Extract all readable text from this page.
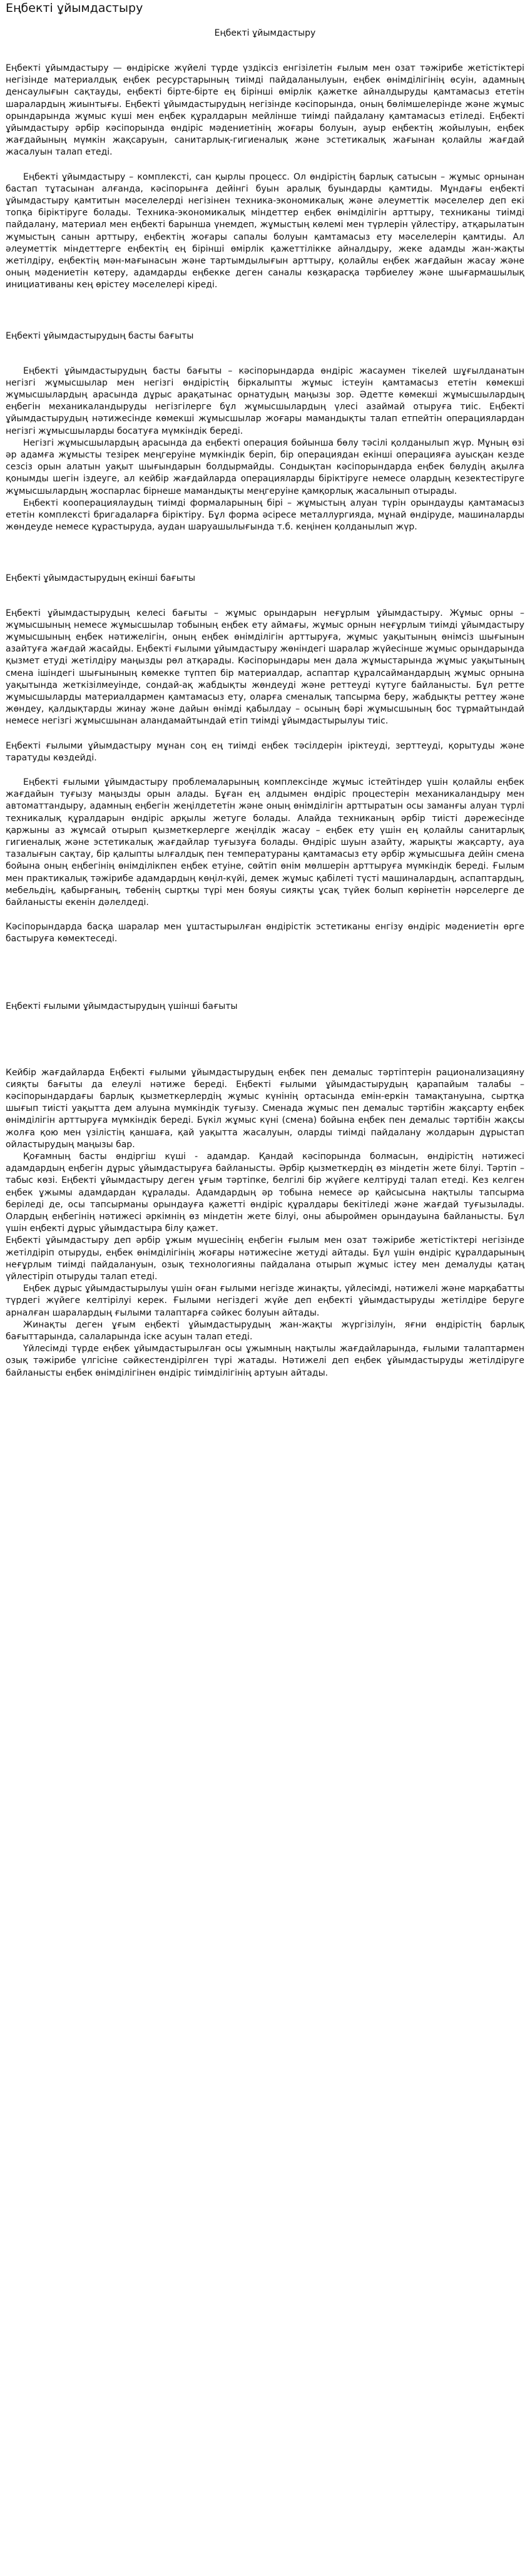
Еңбекті ұйымдастыру
Еңбекті ұйымдастыру

Еңбекті ұйымдастыру — өндіріске жүйелі түрде үздіксіз енгізілетін ғылым мен озат тәжірибе жетістіктері негізінде материалдық еңбек ресурстарының тиімді пайдаланылуын, еңбек өнімділігінің өсуін, адамның денсаулығын сақтауды, еңбекті біртe-біртe ең бірінші өмірлік қажетке айналдыруды қамтамасыз ететін шаралардың жиынтығы. Еңбекті ұйымдастырудың негізінде кәсіпорында, оның бөлімшелерінде және жұмыс орындарында жұмыс күші мен еңбек құралдарын мейлінше тиімді пайдалану қамтамасыз етіледі. Еңбекті ұйымдастыру әрбір кәсіпорында өндіріс мәдениетінің жоғары болуын, ауыр еңбектің жойылуын, еңбек жағдайының мүмкін жақсаруын, санитарлық-гигиеналық және эстетикалық жағынан қолайлы жағдай жасалуын талап етеді.

Еңбекті ұйымдастыру – комплексті, сан қырлы процесс. Ол өндірістің барлық сатысын – жұмыс орнынан бастап тұтасынан алғанда, кәсіпорынға дейінгі буын аралық буындарды қамтиды. Мұндағы еңбекті ұйымдастыру қамтитын мәселелерді негізінен техника-экономикалық және әлеуметтік мәселелер деп екі топқа біріктіруге болады. Техника-экономикалық міндеттер еңбек өнімділігін арттыру, техниканы тиімді пайдалану, материал мен еңбекті барынша үнемдеп, жұмыстың көлемі мен түрлерін үйлестіру, атқарылатын жұмыстың санын арттыру, еңбектің жоғары сапалы болуын қамтамасыз ету мәселелерін қамтиды. Ал әлеуметтік міндеттерге еңбектің ең бірінші өмірлік қажеттілікке айналдыру, жеке адамды жан-жақты жетілдіру, еңбектің мән-мағынасын және тартымдылығын арттыру, қолайлы еңбек жағдайын жасау және оның мәдениетін көтеру, адамдарды еңбекке деген саналы көзқарасқа тәрбиелеу және шығармашылық инициативаны кең өрістеу мәселелері кіреді.

Еңбекті ұйымдастырудың басты бағыты

Еңбекті ұйымдастырудың басты бағыты – кәсіпорындарда өндіріс жасаумен тікелей шұғылданатын негізгі жұмысшылар мен негізгі өндірістің біркалыпты жұмыс істеуін қамтамасыз ететін көмекші жұмысшылардың арасында дұрыс арақатынас орнатудың маңызы зор. Әдетте көмекші жұмысшылардың еңбегін механикаландыруды негізгілерге бұл жұмысшылардың үлесі азаймай отыруға тиіс. Еңбекті ұйымдастырудың нәтижесінде көмекші жұмысшылар жоғары мамандықты талап етпейтін операциялардан негізгі жұмысшыларды босатуға мүмкіндік береді.

Негізгі жұмысшылардың арасында да еңбекті операция бойынша бөлу тәсілі қолданылып жүр. Мұның өзі әр адамға жұмысты тезірек меңгеруіне мүмкіндік беріп, бір операциядан екінші операцияға ауысқан кезде сезсіз орын алатын уақыт шығындарын болдырмайды. Сондықтан кәсіпорындарда еңбек бөлудің ақылға қонымды шегін іздеуге, ал кейбір жағдайларда операцияларды біріктіруге немесе олардың кезектестіруге жұмысшылардың жоспарлас бірнеше мамандықты меңгеруіне қамқорлық жасалынып отырады.

Еңбекті кооперациялаудың тиімді формаларының бірі – жұмыстың алуан түрін орындауды қамтамасыз ететін комплексті бригадаларға біріктіру. Бұл форма әсіресе металлургияда, мұнай өндіруде, машиналарды жөндеуде немесе құрастыруда, аудан шаруашылығында т.б. кеңінен қолданылып жүр.

Еңбекті ұйымдастырудың екінші бағыты

Еңбекті ұйымдастырудың келесі бағыты – жұмыс орындарын неғұрлым ұйымдастыру. Жұмыс орны – жұмысшының немесе жұмысшылар тобының еңбек ету аймағы, жұмыс орнын неғұрлым тиімді ұйымдастыру жұмысшының еңбек нәтижелігін, оның еңбек өнімділігін арттыруға, жұмыс уақытының өнімсіз шығынын азайтуға жағдай жасайды. Еңбекті ғылыми ұйымдастыру жөніндегі шаралар жүйесінше жұмыс орындарында қызмет етуді жетілдіру маңызды рөл атқарады. Кәсіпорындары мен дала жұмыстарында жұмыс уақытының сменa ішіндегі шығынының көмекке түптеп бір материалдар, аспаптар құралсаймандардың жұмыс орнына уақытында жеткізілмеуінде, сондай-ақ жабдықты жөндеуді және реттеуді күтуге байланысты. Бұл ретте жұмысшыларды материалдармен қамтамасыз ету, оларға сменалық тапсырма беру, жабдықты реттеу және жөндеу, қалдықтарды жинау және дайын өнімді қабылдау – осының бәрі жұмысшының бос тұрмайтындай немесе негізгі жұмысшынан аландамайтындай етіп тиімді ұйымдастырылуы тиіс.

Еңбекті ғылыми ұйымдастыру мұнан соң ең тиімді еңбек тәсілдерін іріктеуді, зерттеуді, қорытуды және таратуды көздейді.

Еңбекті ғылыми ұйымдастыру проблемаларының комплексінде жұмыс істейтіндер үшін қолайлы еңбек жағдайын туғызу маңызды орын алады. Бұған ең алдымен өндіріс процестерін механикаландыру мен автоматтандыру, адамның еңбегін жеңілдететін және оның өнімділігін арттыратын осы заманғы алуан түрлі техникалық құралдарын өндіріс арқылы жетуге болады. Алайда техниканың әрбір тиісті дәрежесінде қаржыны аз жұмсай отырып қызметкерлерге жеңілдік жасау – еңбек ету үшін ең қолайлы санитарлық гигиеналық және эстетикалық жағдайлар туғызуға болады. Өндіріс шуын азайту, жарықты жақсарту, ауа тазалығын сақтау, бір қалыпты ылғалдық пен температураны қамтамасыз ету әрбір жұмысшыға дейін сменa бойына оның еңбегінің өнімділікпен еңбек етуіне, сөйтіп өнім мөлшерін арттыруға мүмкіндік береді. Ғылым мен практикалық тәжірибе адамдардың көңіл-күйі, демек жұмыс қабілеті түсті машиналардың, аспаптардың, мебельдің, қабырғаның, төбенің сыртқы түрі мен бояуы сияқты ұсақ түйек болып көрінетін нәрселерге де байланысты екенін дәлелдеді.

Кәсіпорындарда басқа шаралар мен ұштастырылған өндірістік эстетиканы енгізу өндіріс мәдениетін өрге бастыруға көмектеседі.

Еңбекті ғылыми ұйымдастырудың үшінші бағыты

Кейбір жағдайларда Еңбекті ғылыми ұйымдастырудың еңбек пен демалыс тәртіптерін рационализацияну сияқты бағыты да елеулі нәтиже береді. Еңбекті ғылыми ұйымдастырудың қарапайым талабы – кәсіпорындардағы барлық қызметкерлердің жұмыс күнінің ортасында емін-еркін тамақтануына, сыртқа шығып тиісті уақытта дем алуына мүмкіндік туғызу. Сменада жұмыс пен демалыс тәртібін жақсарту еңбек өнімділігін арттыруға мүмкіндік береді. Бүкіл жұмыс күні (смена) бойына еңбек пен демалыс тәртібін жақсы жолға қою мен үзілістің қаншаға, қай уақытта жасалуын, оларды тиімді пайдалану жолдарын дұрыстап ойластырудың маңызы бар.

Қоғамның басты өндіргіш күші - адамдар. Қандай кәсіпорында болмасын, өндірістің нәтижесі адамдардың еңбегін дұрыс ұйымдастыруға байланысты. Әрбір қызметкердің өз міндетін жете білуі. Тәртіп – табыс көзі. Еңбекті ұйымдастыру деген ұғым тәртіпке, белгілі бір жүйеге келтіруді талап етеді. Кез келген еңбек ұжымы адамдардан құралады. Адамдардың әр тобына немесе әр қайсысына нақтылы тапсырма беріледі де, осы тапсырманы орындауға қажетті өндіріс құралдары бекітіледі және жағдай туғызылады. Олардың еңбегінің нәтижесі әркімнің өз міндетін жете білуі, оны абыроймен орындауына байланысты. Бұл үшін еңбекті дұрыс ұйымдастыра білу қажет.

Еңбекті ұйымдастыру деп әрбір ұжым мүшесінің еңбегін ғылым мен озат тәжірибе жетістіктері негізінде жетілдіріп отыруды, еңбек өнімділігінің жоғары нәтижесіне жетуді айтады. Бұл үшін өндіріс құралдарының неғұрлым тиімді пайдалануын, озық технологияны пайдалана отырып жұмыс істеу мен демалуды қатаң үйлестіріп отыруды талап етеді.

Еңбек дұрыс ұйымдастырылуы үшін оған ғылыми негізде жинақты, үйлесімді, нәтижелі және марқабатты түрдегі жүйеге келтірілуі керек. Ғылыми негіздегі жүйе деп еңбекті ұйымдастыруды жетілдіре беруге арналған шаралардың ғылыми талаптарға сәйкес болуын айтады.

Жинақты деген ұғым еңбекті ұйымдастырудың жан-жақты жүргізілуін, яғни өндірістің барлық бағыттарында, салаларында іске асуын талап етеді.

Үйлесімді түрде еңбек ұйымдастырылған осы ұжымның нақтылы жағдайларында, ғылыми талаптармен озық тәжірибе үлгісіне сәйкестендірілген түрі жатады. Нәтижелі деп еңбек ұйымдастыруды жетілдіруге байланысты еңбек өнімділігінен өндіріс тиімділігінің артуын айтады.
